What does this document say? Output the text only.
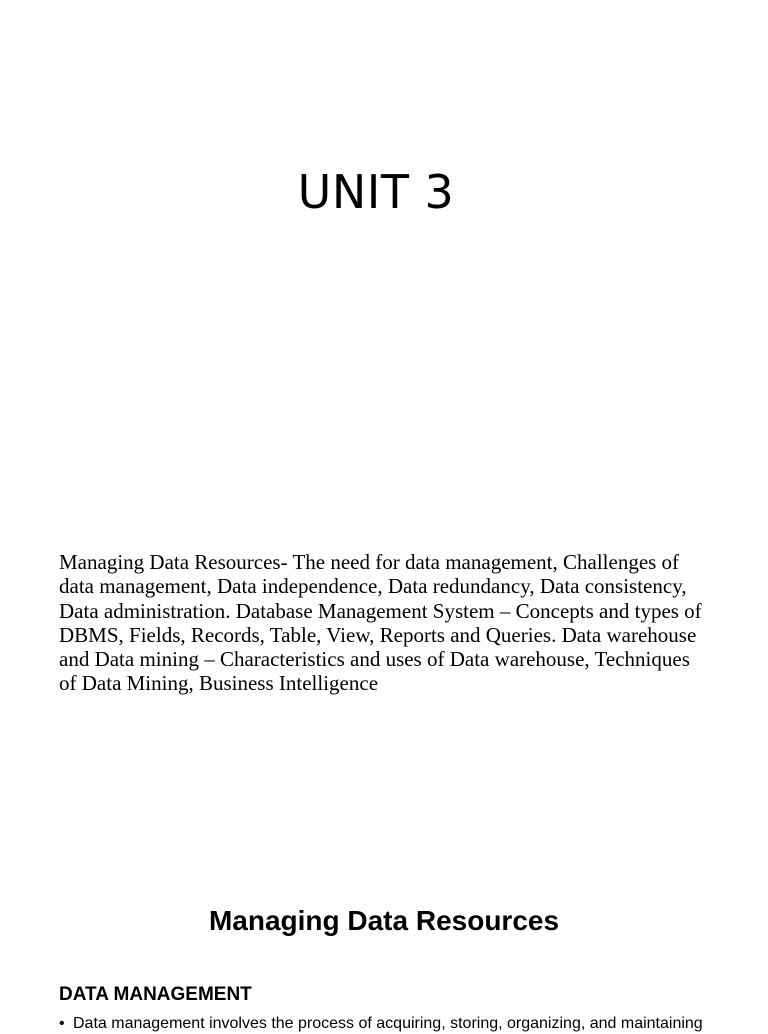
UNIT 3

Managing Data Resources- The need for data management, Challenges of data management, Data independence, Data redundancy, Data consistency, Data administration. Database Management System – Concepts and types of DBMS, Fields, Records, Table, View, Reports and Queries. Data warehouse and Data mining – Characteristics and uses of Data warehouse, Techniques of Data Mining, Business Intelligence

Managing Data Resources
DATA MANAGEMENT

• Data management involves the process of acquiring, storing, organizing, and maintaining
